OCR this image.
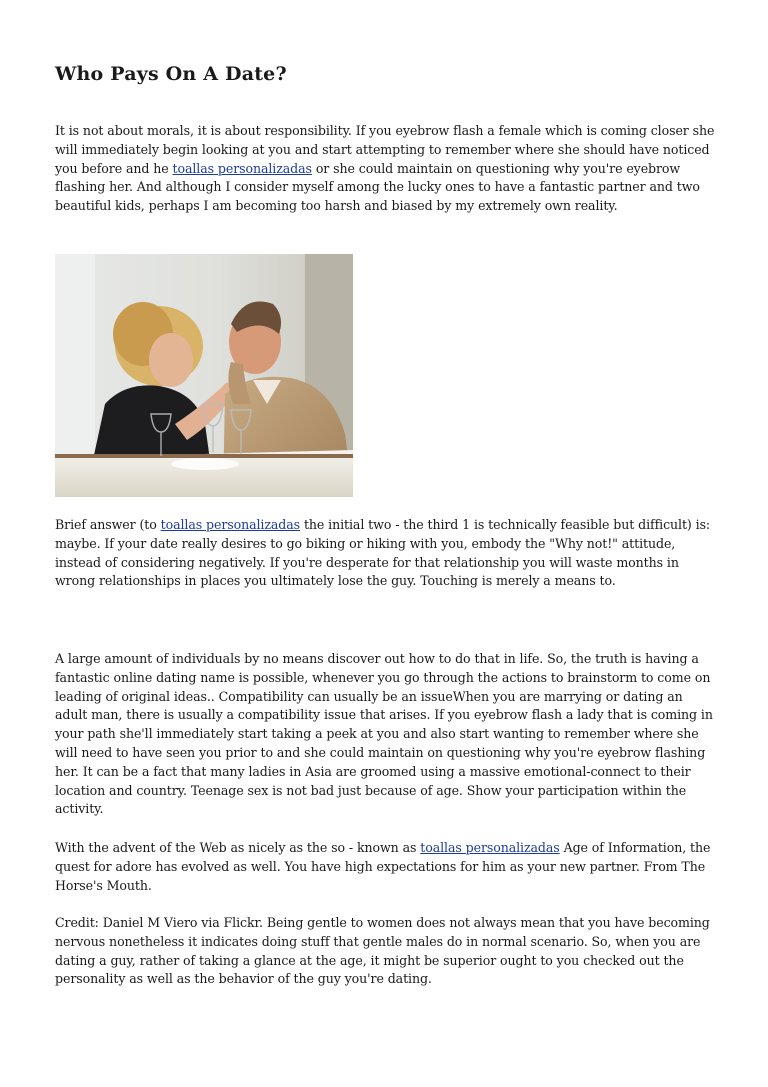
Who Pays On A Date?

It is not about morals, it is about responsibility. If you eyebrow flash a female which is coming closer she will immediately begin looking at you and start attempting to remember where she should have noticed you before and he toallas personalizadas or she could maintain on questioning why you're eyebrow flashing her. And although I consider myself among the lucky ones to have a fantastic partner and two beautiful kids, perhaps I am becoming too harsh and biased by my extremely own reality.

Brief answer (to toallas personalizadas the initial two - the third 1 is technically feasible but difficult) is: maybe. If your date really desires to go biking or hiking with you, embody the "Why not!" attitude, instead of considering negatively. If you're desperate for that relationship you will waste months in wrong relationships in places you ultimately lose the guy. Touching is merely a means to.

A large amount of individuals by no means discover out how to do that in life. So, the truth is having a fantastic online dating name is possible, whenever you go through the actions to brainstorm to come on leading of original ideas.. Compatibility can usually be an issueWhen you are marrying or dating an adult man, there is usually a compatibility issue that arises. If you eyebrow flash a lady that is coming in your path she'll immediately start taking a peek at you and also start wanting to remember where she will need to have seen you prior to and she could maintain on questioning why you're eyebrow flashing her. It can be a fact that many ladies in Asia are groomed using a massive emotional-connect to their location and country. Teenage sex is not bad just because of age. Show your participation within the activity.

With the advent of the Web as nicely as the so - known as toallas personalizadas Age of Information, the quest for adore has evolved as well. You have high expectations for him as your new partner. From The Horse's Mouth.

Credit: Daniel M Viero via Flickr. Being gentle to women does not always mean that you have becoming nervous nonetheless it indicates doing stuff that gentle males do in normal scenario. So, when you are dating a guy, rather of taking a glance at the age, it might be superior ought to you checked out the personality as well as the behavior of the guy you're dating.
